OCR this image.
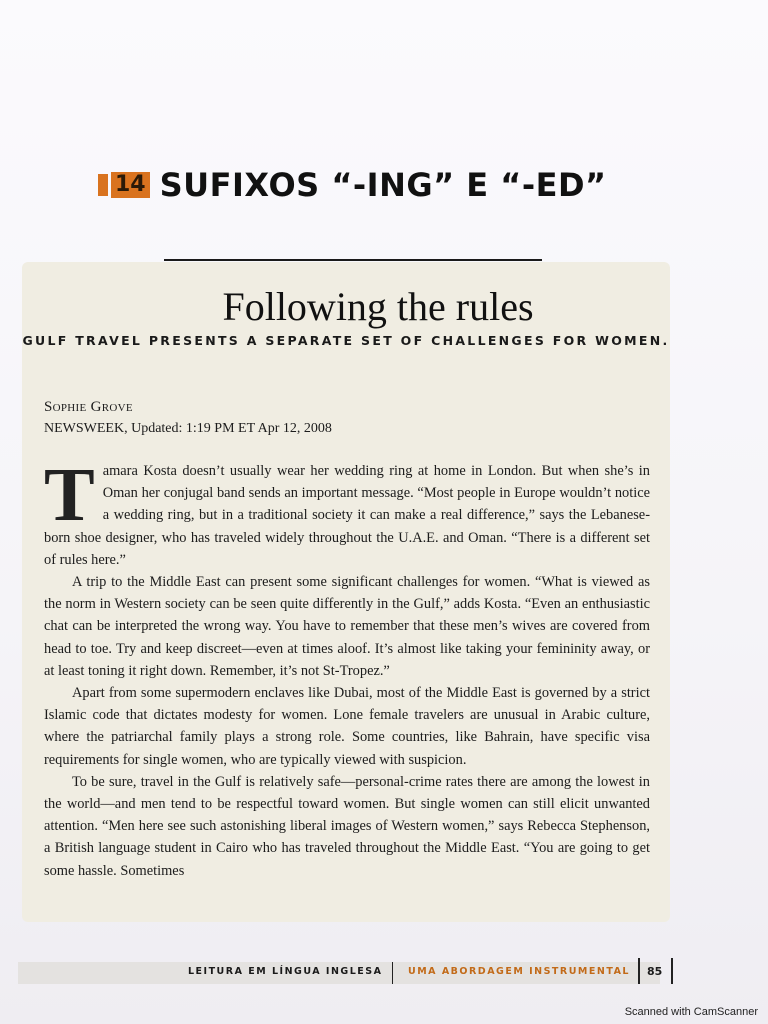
14 SUFIXOS “-ING” E “-ED”
Following the rules
GULF TRAVEL PRESENTS A SEPARATE SET OF CHALLENGES FOR WOMEN.
Sophie Grove
NEWSWEEK, Updated: 1:19 PM ET Apr 12, 2008

Tamara Kosta doesn’t usually wear her wedding ring at home in London. But when she’s in Oman her conjugal band sends an important message. “Most people in Europe wouldn’t notice a wedding ring, but in a traditional society it can make a real difference,” says the Lebanese-born shoe designer, who has traveled widely throughout the U.A.E. and Oman. “There is a different set of rules here.”

A trip to the Middle East can present some significant challenges for women. “What is viewed as the norm in Western society can be seen quite differently in the Gulf,” adds Kosta. “Even an enthusiastic chat can be interpreted the wrong way. You have to remember that these men’s wives are covered from head to toe. Try and keep discreet—even at times aloof. It’s almost like taking your femininity away, or at least toning it right down. Remember, it’s not St-Tropez.”

Apart from some supermodern enclaves like Dubai, most of the Middle East is governed by a strict Islamic code that dictates modesty for women. Lone female travelers are unusual in Arabic culture, where the patriarchal family plays a strong role. Some countries, like Bahrain, have specific visa requirements for single women, who are typically viewed with suspicion.

To be sure, travel in the Gulf is relatively safe—personal-crime rates there are among the lowest in the world—and men tend to be respectful toward women. But single women can still elicit unwanted attention. “Men here see such astonishing liberal images of Western women,” says Rebecca Stephenson, a British language student in Cairo who has traveled throughout the Middle East. “You are going to get some hassle. Sometimes

LEITURA EM LÍNGUA INGLESA	UMA ABORDAGEM INSTRUMENTAL 85
Scanned with CamScanner
